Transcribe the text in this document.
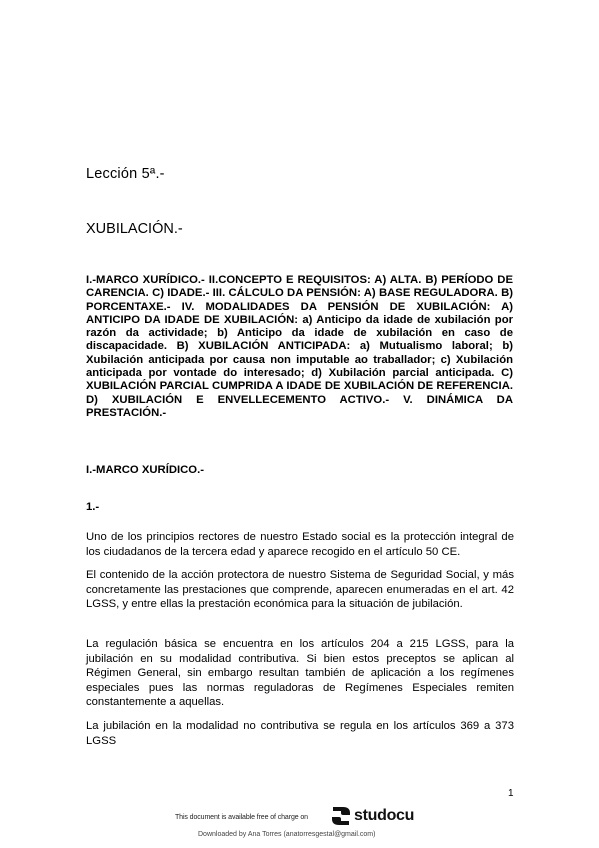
Lección 5ª.-
XUBILACIÓN.-
I.-MARCO XURÍDICO.- II.CONCEPTO E REQUISITOS: A) ALTA. B) PERÍODO DE CARENCIA. C) IDADE.- III. CÁLCULO DA PENSIÓN: A) BASE REGULADORA. B) PORCENTAXE.- IV. MODALIDADES DA PENSIÓN DE XUBILACIÓN: A) ANTICIPO DA IDADE DE XUBILACIÓN: a) Anticipo da idade de xubilación por razón da actividade; b) Anticipo da idade de xubilación en caso de discapacidade. B) XUBILACIÓN ANTICIPADA: a) Mutualismo laboral; b) Xubilación anticipada por causa non imputable ao traballador; c) Xubilación anticipada por vontade do interesado; d) Xubilación parcial anticipada. C) XUBILACIÓN PARCIAL CUMPRIDA A IDADE DE XUBILACIÓN DE REFERENCIA. D) XUBILACIÓN E ENVELLECEMENTO ACTIVO.- V. DINÁMICA DA PRESTACIÓN.-
I.-MARCO XURÍDICO.-
1.-
Uno de los principios rectores de nuestro Estado social es la protección integral de los ciudadanos de la tercera edad y aparece recogido en el artículo 50 CE.
El contenido de la acción protectora de nuestro Sistema de Seguridad Social, y más concretamente las prestaciones que comprende, aparecen enumeradas en el art. 42 LGSS, y entre ellas la prestación económica para la situación de jubilación.
La regulación básica se encuentra en los artículos 204 a 215 LGSS, para la jubilación en su modalidad contributiva. Si bien estos preceptos se aplican al Régimen General, sin embargo resultan también de aplicación a los regímenes especiales pues las normas reguladoras de Regímenes Especiales remiten constantemente a aquellas.
La jubilación en la modalidad no contributiva se regula en los artículos 369 a 373 LGSS
1
This document is available free of charge on	studocu
Downloaded by Ana Torres (anatorresgestal@gmail.com)
